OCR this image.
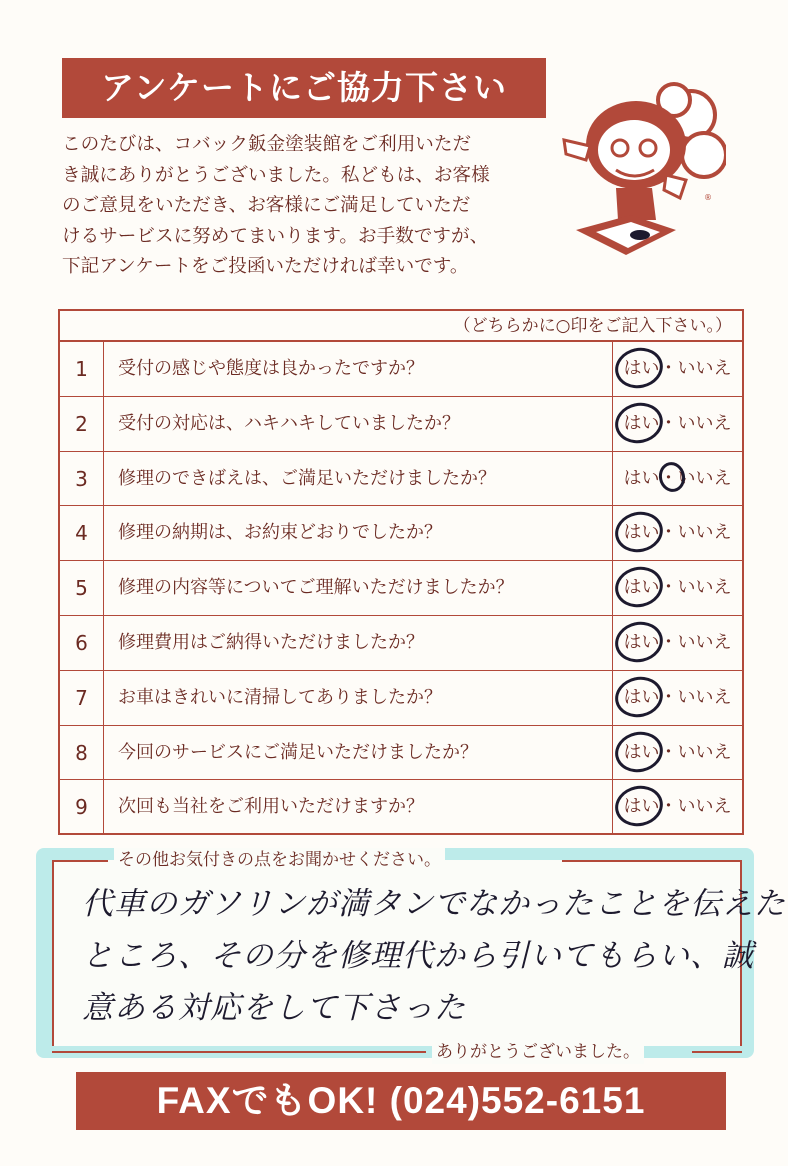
アンケートにご協力下さい
このたびは、コバック鈑金塗装館をご利用いただ
き誠にありがとうございました。私どもは、お客様
のご意見をいただき、お客様にご満足していただ
けるサービスに努めてまいります。お手数ですが、
下記アンケートをご投函いただければ幸いです。
®
（どちらかに○印をご記入下さい。）
1	受付の感じや態度は良かったですか？	はい・いいえ
2	受付の対応は、ハキハキしていましたか？	はい・いいえ
3	修理のできばえは、ご満足いただけましたか？	はい・いいえ
4	修理の納期は、お約束どおりでしたか？	はい・いいえ
5	修理の内容等についてご理解いただけましたか？	はい・いいえ
6	修理費用はご納得いただけましたか？	はい・いいえ
7	お車はきれいに清掃してありましたか？	はい・いいえ
8	今回のサービスにご満足いただけましたか？	はい・いいえ
9	次回も当社をご利用いただけますか？	はい・いいえ
その他お気付きの点をお聞かせください。
代車のガソリンが満タンでなかったことを伝えた
ところ、その分を修理代から引いてもらい、誠
意ある対応をして下さった
ありがとうございました。
FAXでもOK! (024)552-6151
